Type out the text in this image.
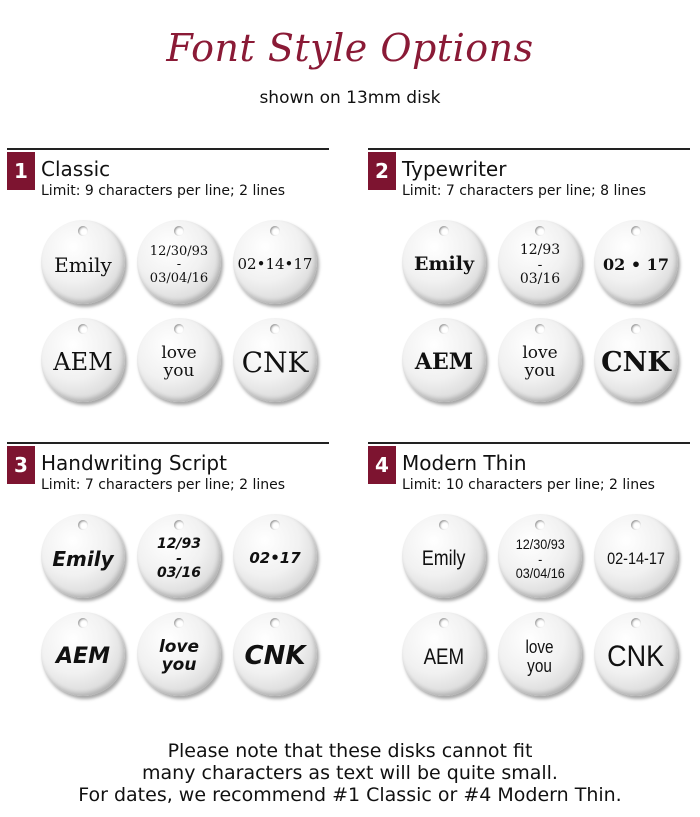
Font Style Options
shown on 13mm disk
1 Classic
Limit: 9 characters per line; 2 lines
Emily
12/30/93
-
03/04/16
02•14•17
AEM	love
you CNK
2 Typewriter
Limit: 7 characters per line; 8 lines
Emily
12/93
-
03/16
02 • 17
AEM	love
you CNK
3 Handwriting Script
Limit: 7 characters per line; 2 lines
Emily
12/93
-
03/16
02•17
AEM	love
you CNK
4 Modern Thin
Limit: 10 characters per line; 2 lines
Emily
12/30/93
-
03/04/16
02-14-17
AEM	love
you CNK
Please note that these disks cannot fit
many characters as text will be quite small.
For dates, we recommend #1 Classic or #4 Modern Thin.
